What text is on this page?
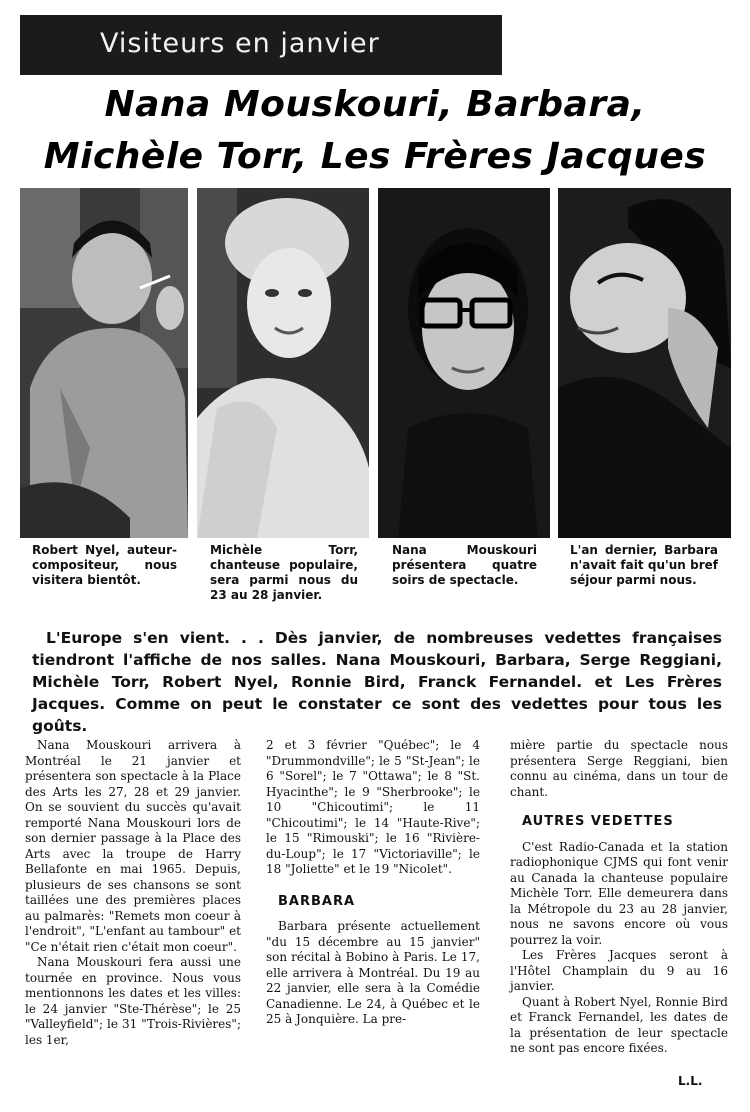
Visiteurs en janvier
Nana Mouskouri, Barbara,
Michèle Torr, Les Frères Jacques
Robert Nyel, auteur-compositeur, nous visitera bientôt.
Michèle Torr, chanteuse populaire, sera parmi nous du 23 au 28 janvier.
Nana Mouskouri présentera quatre soirs de spectacle.
L'an dernier, Barbara n'avait fait qu'un bref séjour parmi nous.

L'Europe s'en vient. . . Dès janvier, de nombreuses vedettes françaises tiendront l'affiche de nos salles. Nana Mouskouri, Barbara, Serge Reggiani, Michèle Torr, Robert Nyel, Ronnie Bird, Franck Fernandel. et Les Frères Jacques. Comme on peut le constater ce sont des vedettes pour tous les goûts.

Nana Mouskouri arrivera à Montréal le 21 janvier et présentera son spectacle à la Place des Arts les 27, 28 et 29 janvier. On se souvient du succès qu'avait remporté Nana Mouskouri lors de son dernier passage à la Place des Arts avec la troupe de Harry Bellafonte en mai 1965. Depuis, plusieurs de ses chansons se sont taillées une des premières places au palmarès: "Remets mon coeur à l'endroit", "L'enfant au tambour" et "Ce n'était rien c'était mon coeur".

Nana Mouskouri fera aussi une tournée en province. Nous vous mentionnons les dates et les villes: le 24 janvier "Ste-Thérèse"; le 25 "Valleyfield"; le 31 "Trois-Rivières"; les 1er,

2 et 3 février "Québec"; le 4 "Drummondville"; le 5 "St-Jean"; le 6 "Sorel"; le 7 "Ottawa"; le 8 "St. Hyacinthe"; le 9 "Sherbrooke"; le 10 "Chicoutimi"; le 11 "Chicoutimi"; le 14 "Haute-Rive"; le 15 "Rimouski"; le 16 "Rivière-du-Loup"; le 17 "Victoriaville"; le 18 "Joliette" et le 19 "Nicolet".

BARBARA

Barbara présente actuellement "du 15 décembre au 15 janvier" son récital à Bobino à Paris. Le 17, elle arrivera à Montréal. Du 19 au 22 janvier, elle sera à la Comédie Canadienne. Le 24, à Québec et le 25 à Jonquière. La pre-

mière partie du spectacle nous présentera Serge Reggiani, bien connu au cinéma, dans un tour de chant.

AUTRES VEDETTES

C'est Radio-Canada et la station radiophonique CJMS qui font venir au Canada la chanteuse populaire Michèle Torr. Elle demeurera dans la Métropole du 23 au 28 janvier, nous ne savons encore où vous pourrez la voir.

Les Frères Jacques seront à l'Hôtel Champlain du 9 au 16 janvier.

Quant à Robert Nyel, Ronnie Bird et Franck Fernandel, les dates de la présentation de leur spectacle ne sont pas encore fixées.

L.L.
